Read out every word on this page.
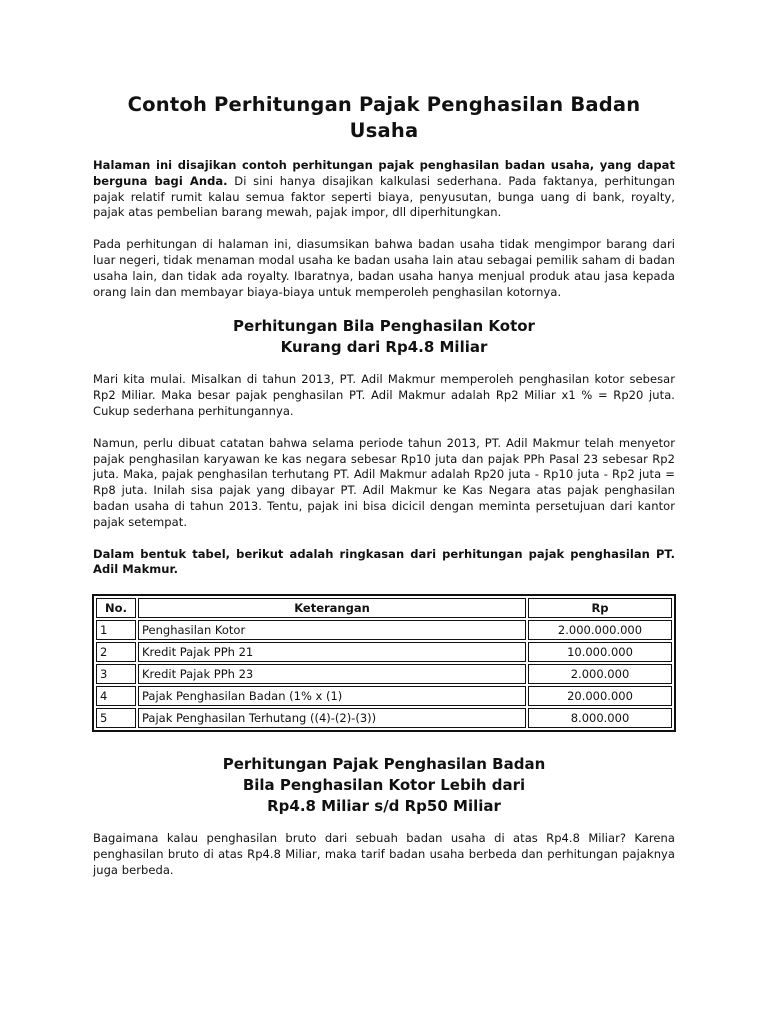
Contoh Perhitungan Pajak Penghasilan Badan Usaha

Halaman ini disajikan contoh perhitungan pajak penghasilan badan usaha, yang dapat berguna bagi Anda. Di sini hanya disajikan kalkulasi sederhana. Pada faktanya, perhitungan pajak relatif rumit kalau semua faktor seperti biaya, penyusutan, bunga uang di bank, royalty, pajak atas pembelian barang mewah, pajak impor, dll diperhitungkan.

Pada perhitungan di halaman ini, diasumsikan bahwa badan usaha tidak mengimpor barang dari luar negeri, tidak menaman modal usaha ke badan usaha lain atau sebagai pemilik saham di badan usaha lain, dan tidak ada royalty. Ibaratnya, badan usaha hanya menjual produk atau jasa kepada orang lain dan membayar biaya-biaya untuk memperoleh penghasilan kotornya.

Perhitungan Bila Penghasilan Kotor
Kurang dari Rp4.8 Miliar

Mari kita mulai. Misalkan di tahun 2013, PT. Adil Makmur memperoleh penghasilan kotor sebesar Rp2 Miliar. Maka besar pajak penghasilan PT. Adil Makmur adalah Rp2 Miliar x1 % = Rp20 juta. Cukup sederhana perhitungannya.

Namun, perlu dibuat catatan bahwa selama periode tahun 2013, PT. Adil Makmur telah menyetor pajak penghasilan karyawan ke kas negara sebesar Rp10 juta dan pajak PPh Pasal 23 sebesar Rp2 juta. Maka, pajak penghasilan terhutang PT. Adil Makmur adalah Rp20 juta - Rp10 juta - Rp2 juta = Rp8 juta. Inilah sisa pajak yang dibayar PT. Adil Makmur ke Kas Negara atas pajak penghasilan badan usaha di tahun 2013. Tentu, pajak ini bisa dicicil dengan meminta persetujuan dari kantor pajak setempat.

Dalam bentuk tabel, berikut adalah ringkasan dari perhitungan pajak penghasilan PT. Adil Makmur.

No.	Keterangan	Rp
1	Penghasilan Kotor	2.000.000.000
2	Kredit Pajak PPh 21	10.000.000
3	Kredit Pajak PPh 23	2.000.000
4	Pajak Penghasilan Badan (1% x (1)	20.000.000
5	Pajak Penghasilan Terhutang ((4)-(2)-(3))	8.000.000
Perhitungan Pajak Penghasilan Badan
Bila Penghasilan Kotor Lebih dari
Rp4.8 Miliar s/d Rp50 Miliar

Bagaimana kalau penghasilan bruto dari sebuah badan usaha di atas Rp4.8 Miliar? Karena penghasilan bruto di atas Rp4.8 Miliar, maka tarif badan usaha berbeda dan perhitungan pajaknya juga berbeda.
